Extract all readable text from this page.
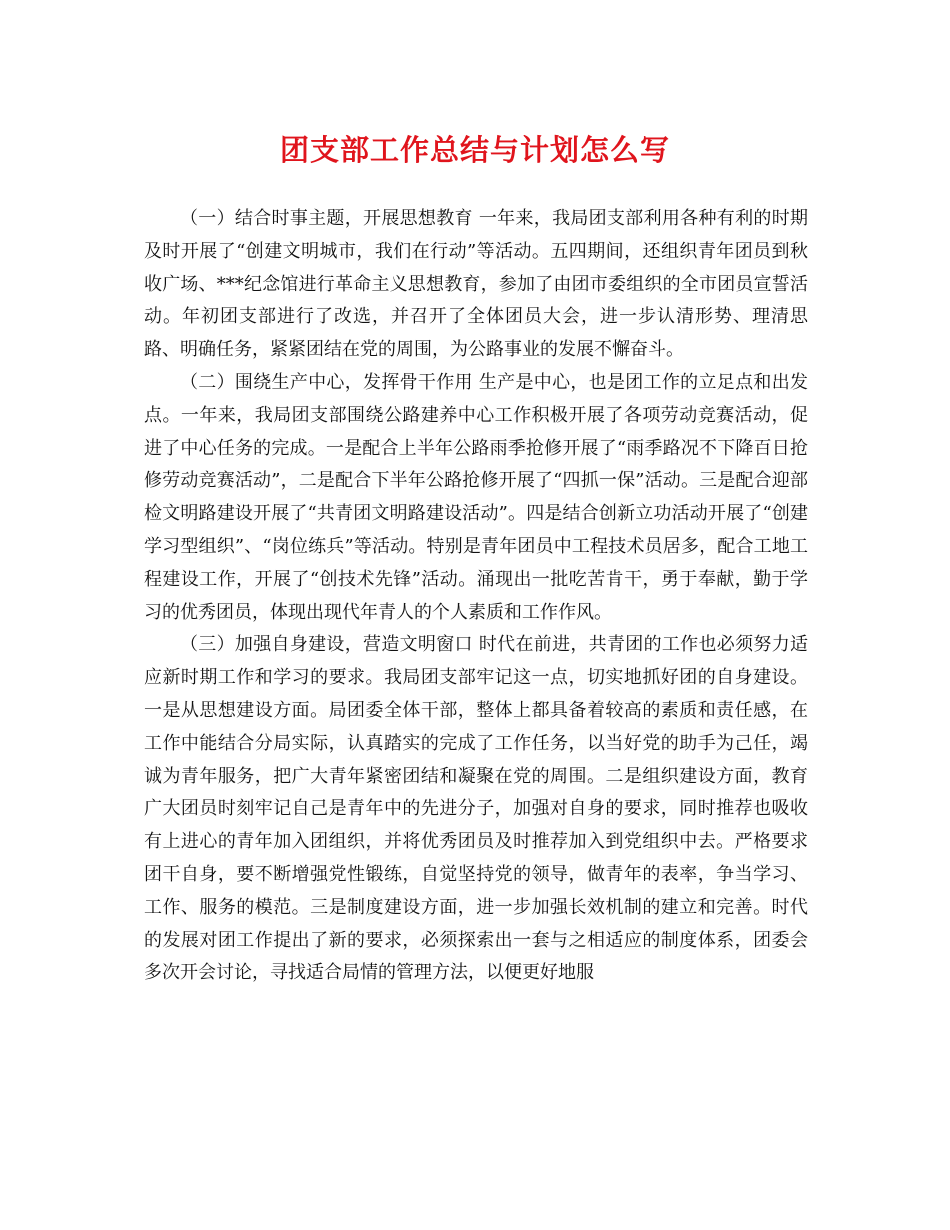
团支部工作总结与计划怎么写

（一）结合时事主题，开展思想教育 一年来，我局团支部利用各种有利的时期及时开展了“创建文明城市，我们在行动”等活动。五四期间，还组织青年团员到秋收广场、***纪念馆进行革命主义思想教育，参加了由团市委组织的全市团员宣誓活动。年初团支部进行了改选，并召开了全体团员大会，进一步认清形势、理清思路、明确任务，紧紧团结在党的周围，为公路事业的发展不懈奋斗。

（二）围绕生产中心，发挥骨干作用 生产是中心，也是团工作的立足点和出发点。一年来，我局团支部围绕公路建养中心工作积极开展了各项劳动竞赛活动，促进了中心任务的完成。一是配合上半年公路雨季抢修开展了“雨季路况不下降百日抢修劳动竞赛活动”，二是配合下半年公路抢修开展了“四抓一保”活动。三是配合迎部检文明路建设开展了“共青团文明路建设活动”。四是结合创新立功活动开展了“创建学习型组织”、“岗位练兵”等活动。特别是青年团员中工程技术员居多，配合工地工程建设工作，开展了“创技术先锋”活动。涌现出一批吃苦肯干，勇于奉献，勤于学习的优秀团员，体现出现代年青人的个人素质和工作作风。

（三）加强自身建设，营造文明窗口 时代在前进，共青团的工作也必须努力适应新时期工作和学习的要求。我局团支部牢记这一点，切实地抓好团的自身建设。一是从思想建设方面。局团委全体干部，整体上都具备着较高的素质和责任感，在工作中能结合分局实际，认真踏实的完成了工作任务，以当好党的助手为己任，竭诚为青年服务，把广大青年紧密团结和凝聚在党的周围。二是组织建设方面，教育广大团员时刻牢记自己是青年中的先进分子，加强对自身的要求，同时推荐也吸收有上进心的青年加入团组织，并将优秀团员及时推荐加入到党组织中去。严格要求团干自身，要不断增强党性锻练，自觉坚持党的领导，做青年的表率，争当学习、工作、服务的模范。三是制度建设方面，进一步加强长效机制的建立和完善。时代的发展对团工作提出了新的要求，必须探索出一套与之相适应的制度体系，团委会多次开会讨论，寻找适合局情的管理方法，以便更好地服
